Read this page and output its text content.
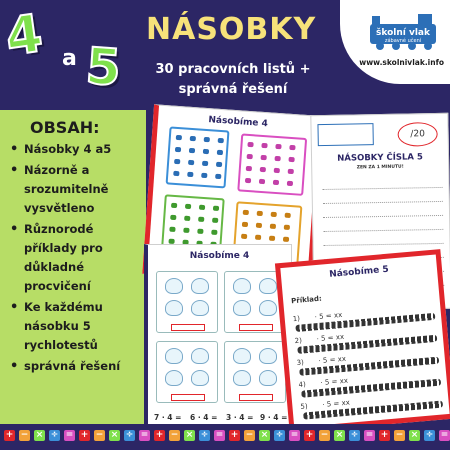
4 a 5
NÁSOBKY
30 pracovních listů +
správná řešení
školní vlak
zábavné učení
www.skolnivlak.info
OBSAH:
• Násobky 4 a5
• Názorně a srozumitelně vysvětleno
• Různorodé příklady pro důkladné procvičení
• Ke každému násobku 5 rychlotestů
• správná řešení
Násobíme 4
/20
NÁSOBKY ČÍSLA 5
ZEN ZA 1 MINUTU!
Násobíme 4
7 · 4 = 6 · 4 = 3 · 4 = 9 · 4 =
Násobíme 5
Příklad:
1) · 5 = xx
2) · 5 = xx
3) · 5 = xx
4) · 5 = xx
5) · 5 = xx
+ − × ÷ = + − × ÷ = + − × ÷ = + − × ÷ = + − × ÷ = + − × ÷ =
